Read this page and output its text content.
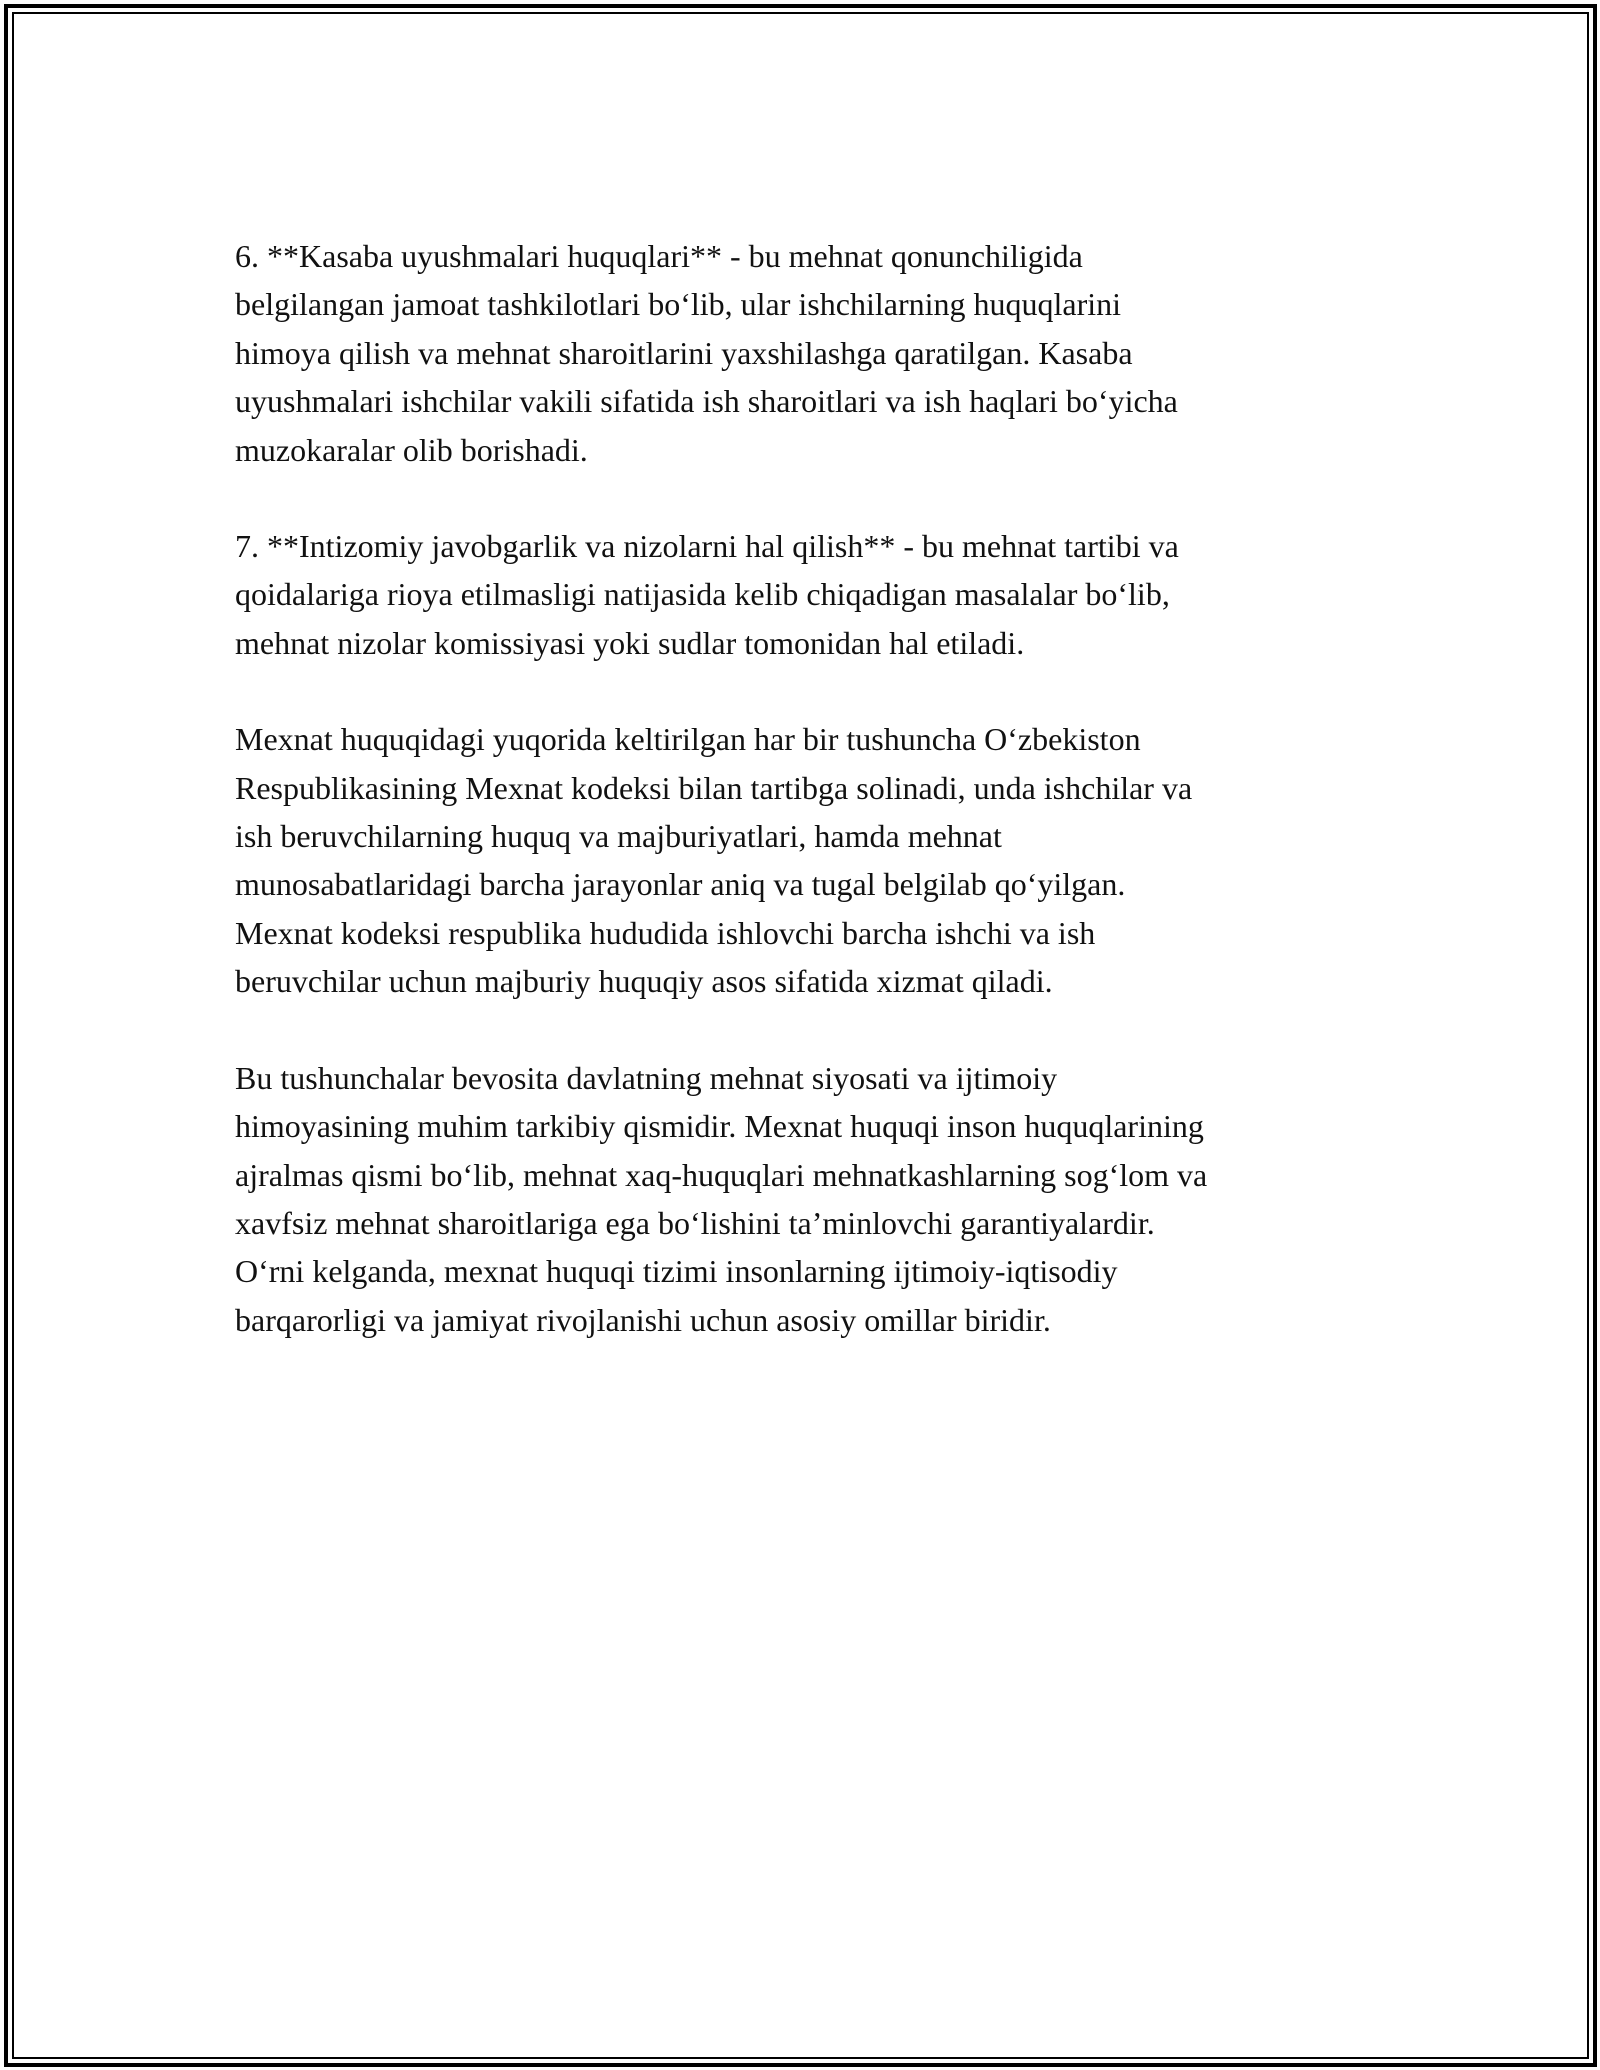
6. **Kasaba uyushmalari huquqlari** - bu mehnat qonunchiligida
belgilangan jamoat tashkilotlari bo‘lib, ular ishchilarning huquqlarini
himoya qilish va mehnat sharoitlarini yaxshilashga qaratilgan. Kasaba
uyushmalari ishchilar vakili sifatida ish sharoitlari va ish haqlari bo‘yicha
muzokaralar olib borishadi.

7. **Intizomiy javobgarlik va nizolarni hal qilish** - bu mehnat tartibi va
qoidalariga rioya etilmasligi natijasida kelib chiqadigan masalalar bo‘lib,
mehnat nizolar komissiyasi yoki sudlar tomonidan hal etiladi.

Mexnat huquqidagi yuqorida keltirilgan har bir tushuncha O‘zbekiston
Respublikasining Mexnat kodeksi bilan tartibga solinadi, unda ishchilar va
ish beruvchilarning huquq va majburiyatlari, hamda mehnat
munosabatlaridagi barcha jarayonlar aniq va tugal belgilab qo‘yilgan.
Mexnat kodeksi respublika hududida ishlovchi barcha ishchi va ish
beruvchilar uchun majburiy huquqiy asos sifatida xizmat qiladi.

Bu tushunchalar bevosita davlatning mehnat siyosati va ijtimoiy
himoyasining muhim tarkibiy qismidir. Mexnat huquqi inson huquqlarining
ajralmas qismi bo‘lib, mehnat xaq-huquqlari mehnatkashlarning sog‘lom va
xavfsiz mehnat sharoitlariga ega bo‘lishini ta’minlovchi garantiyalardir.
O‘rni kelganda, mexnat huquqi tizimi insonlarning ijtimoiy-iqtisodiy
barqarorligi va jamiyat rivojlanishi uchun asosiy omillar biridir.
